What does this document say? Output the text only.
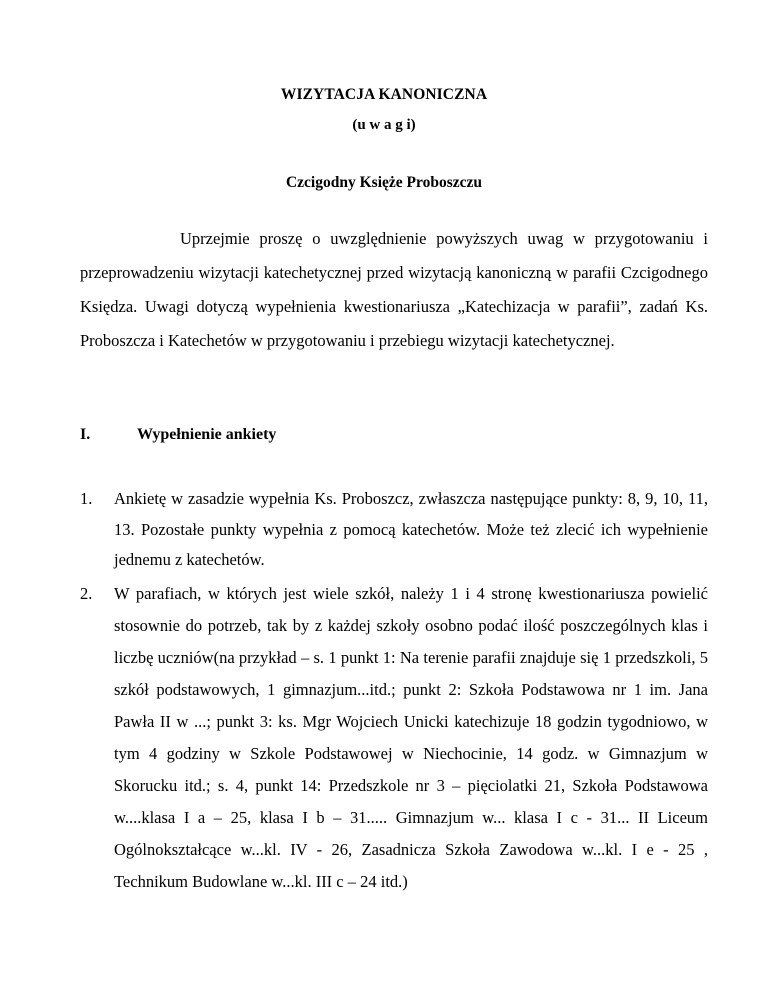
WIZYTACJA KANONICZNA
(u w a g i)
Czcigodny Księże Proboszczu

Uprzejmie proszę o uwzględnienie powyższych uwag w przygotowaniu i przeprowadzeniu wizytacji katechetycznej przed wizytacją kanoniczną w parafii Czcigodnego Księdza. Uwagi dotyczą wypełnienia kwestionariusza „Katechizacja w parafii”, zadań Ks. Proboszcza i Katechetów w przygotowaniu i przebiegu wizytacji katechetycznej.

I.	Wypełnienie ankiety
1. Ankietę w zasadzie wypełnia Ks. Proboszcz, zwłaszcza następujące punkty: 8, 9, 10, 11, 13. Pozostałe punkty wypełnia z pomocą katechetów. Może też zlecić ich wypełnienie jednemu z katechetów.
2. W parafiach, w których jest wiele szkół, należy 1 i 4 stronę kwestionariusza powielić stosownie do potrzeb, tak by z każdej szkoły osobno podać ilość poszczególnych klas i liczbę uczniów(na przykład – s. 1 punkt 1: Na terenie parafii znajduje się 1 przedszkoli, 5 szkół podstawowych, 1 gimnazjum...itd.; punkt 2: Szkoła Podstawowa nr 1 im. Jana Pawła II w ...; punkt 3: ks. Mgr Wojciech Unicki katechizuje 18 godzin tygodniowo, w tym 4 godziny w Szkole Podstawowej w Niechocinie, 14 godz. w Gimnazjum w Skorucku itd.; s. 4, punkt 14: Przedszkole nr 3 – pięciolatki 21, Szkoła Podstawowa w....klasa I a – 25, klasa I b – 31..... Gimnazjum w... klasa I c - 31... II Liceum Ogólnokształcące w...kl. IV - 26, Zasadnicza Szkoła Zawodowa w...kl. I e - 25 , Technikum Budowlane w...kl. III c – 24 itd.)
